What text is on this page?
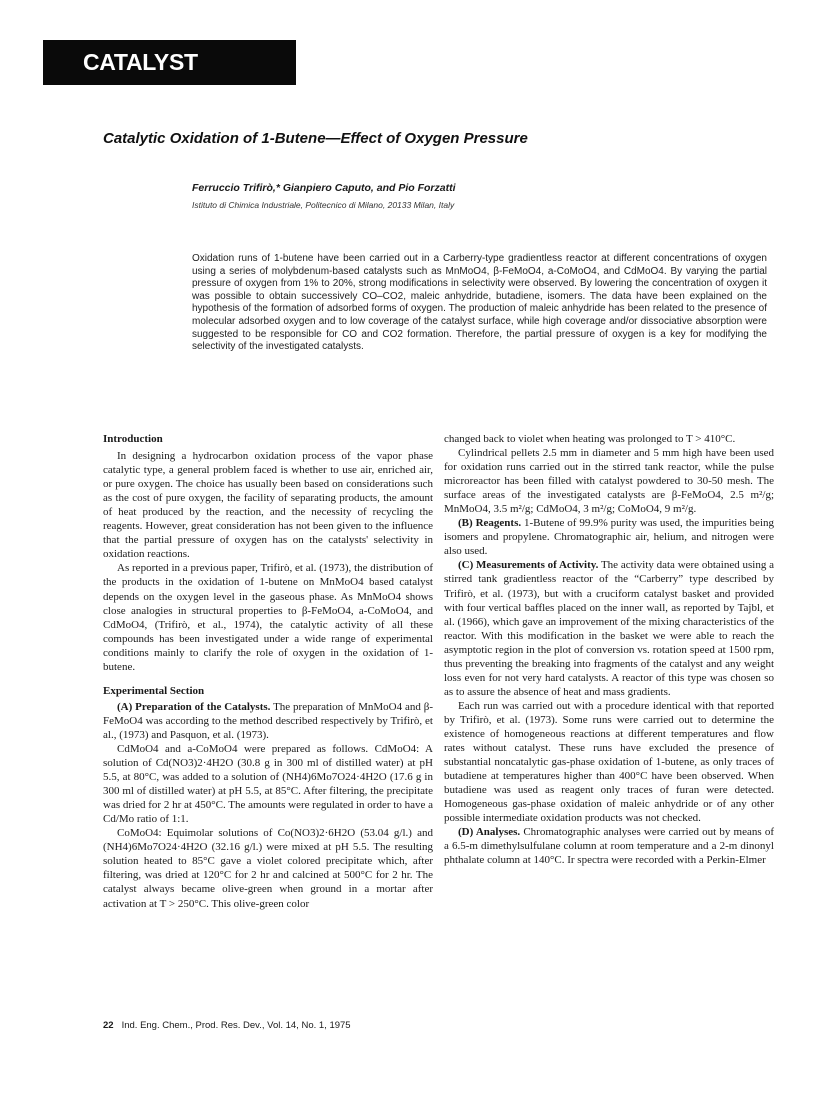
CATALYST SECTION
Catalytic Oxidation of 1-Butene—Effect of Oxygen Pressure
Ferruccio Trifirò,* Gianpiero Caputo, and Pio Forzatti
Istituto di Chimica Industriale, Politecnico di Milano, 20133 Milan, Italy
Oxidation runs of 1-butene have been carried out in a Carberry-type gradientless reactor at different concentrations of oxygen using a series of molybdenum-based catalysts such as MnMoO4, β-FeMoO4, a-CoMoO4, and CdMoO4. By varying the partial pressure of oxygen from 1% to 20%, strong modifications in selectivity were observed. By lowering the concentration of oxygen it was possible to obtain successively CO–CO2, maleic anhydride, butadiene, isomers. The data have been explained on the hypothesis of the formation of adsorbed forms of oxygen. The production of maleic anhydride has been related to the presence of molecular adsorbed oxygen and to low coverage of the catalyst surface, while high coverage and/or dissociative absorption were suggested to be responsible for CO and CO2 formation. Therefore, the partial pressure of oxygen is a key for modifying the selectivity of the investigated catalysts.
Introduction

In designing a hydrocarbon oxidation process of the vapor phase catalytic type, a general problem faced is whether to use air, enriched air, or pure oxygen. The choice has usually been based on considerations such as the cost of pure oxygen, the facility of separating products, the amount of heat produced by the reaction, and the necessity of recycling the reagents. However, great consideration has not been given to the influence that the partial pressure of oxygen has on the catalysts' selectivity in oxidation reactions.

As reported in a previous paper, Trifirò, et al. (1973), the distribution of the products in the oxidation of 1-butene on MnMoO4 based catalyst depends on the oxygen level in the gaseous phase. As MnMoO4 shows close analogies in structural properties to β-FeMoO4, a-CoMoO4, and CdMoO4, (Trifirò, et al., 1974), the catalytic activity of all these compounds has been investigated under a wide range of experimental conditions mainly to clarify the role of oxygen in the oxidation of 1-butene.

Experimental Section

(A) Preparation of the Catalysts. The preparation of MnMoO4 and β-FeMoO4 was according to the method described respectively by Trifirò, et al., (1973) and Pasquon, et al. (1973).

CdMoO4 and a-CoMoO4 were prepared as follows. CdMoO4: A solution of Cd(NO3)2·4H2O (30.8 g in 300 ml of distilled water) at pH 5.5, at 80°C, was added to a solution of (NH4)6Mo7O24·4H2O (17.6 g in 300 ml of distilled water) at pH 5.5, at 85°C. After filtering, the precipitate was dried for 2 hr at 450°C. The amounts were regulated in order to have a Cd/Mo ratio of 1:1.

CoMoO4: Equimolar solutions of Co(NO3)2·6H2O (53.04 g/l.) and (NH4)6Mo7O24·4H2O (32.16 g/l.) were mixed at pH 5.5. The resulting solution heated to 85°C gave a violet colored precipitate which, after filtering, was dried at 120°C for 2 hr and calcined at 500°C for 2 hr. The catalyst always became olive-green when ground in a mortar after activation at T > 250°C. This olive-green color

changed back to violet when heating was prolonged to T > 410°C.

Cylindrical pellets 2.5 mm in diameter and 5 mm high have been used for oxidation runs carried out in the stirred tank reactor, while the pulse microreactor has been filled with catalyst powdered to 30-50 mesh. The surface areas of the investigated catalysts are β-FeMoO4, 2.5 m²/g; MnMoO4, 3.5 m²/g; CdMoO4, 3 m²/g; CoMoO4, 9 m²/g.

(B) Reagents. 1-Butene of 99.9% purity was used, the impurities being isomers and propylene. Chromatographic air, helium, and nitrogen were also used.

(C) Measurements of Activity. The activity data were obtained using a stirred tank gradientless reactor of the “Carberry” type described by Trifirò, et al. (1973), but with a cruciform catalyst basket and provided with four vertical baffles placed on the inner wall, as reported by Tajbl, et al. (1966), which gave an improvement of the mixing characteristics of the reactor. With this modification in the basket we were able to reach the asymptotic region in the plot of conversion vs. rotation speed at 1500 rpm, thus preventing the breaking into fragments of the catalyst and any weight loss even for not very hard catalysts. A reactor of this type was chosen so as to assure the absence of heat and mass gradients.

Each run was carried out with a procedure identical with that reported by Trifirò, et al. (1973). Some runs were carried out to determine the existence of homogeneous reactions at different temperatures and flow rates without catalyst. These runs have excluded the presence of substantial noncatalytic gas-phase oxidation of 1-butene, as only traces of butadiene at temperatures higher than 400°C have been observed. When butadiene was used as reagent only traces of furan were detected. Homogeneous gas-phase oxidation of maleic anhydride or of any other possible intermediate oxidation products was not checked.

(D) Analyses. Chromatographic analyses were carried out by means of a 6.5-m dimethylsulfulane column at room temperature and a 2-m dinonyl phthalate column at 140°C. Ir spectra were recorded with a Perkin-Elmer

22 Ind. Eng. Chem., Prod. Res. Dev., Vol. 14, No. 1, 1975
